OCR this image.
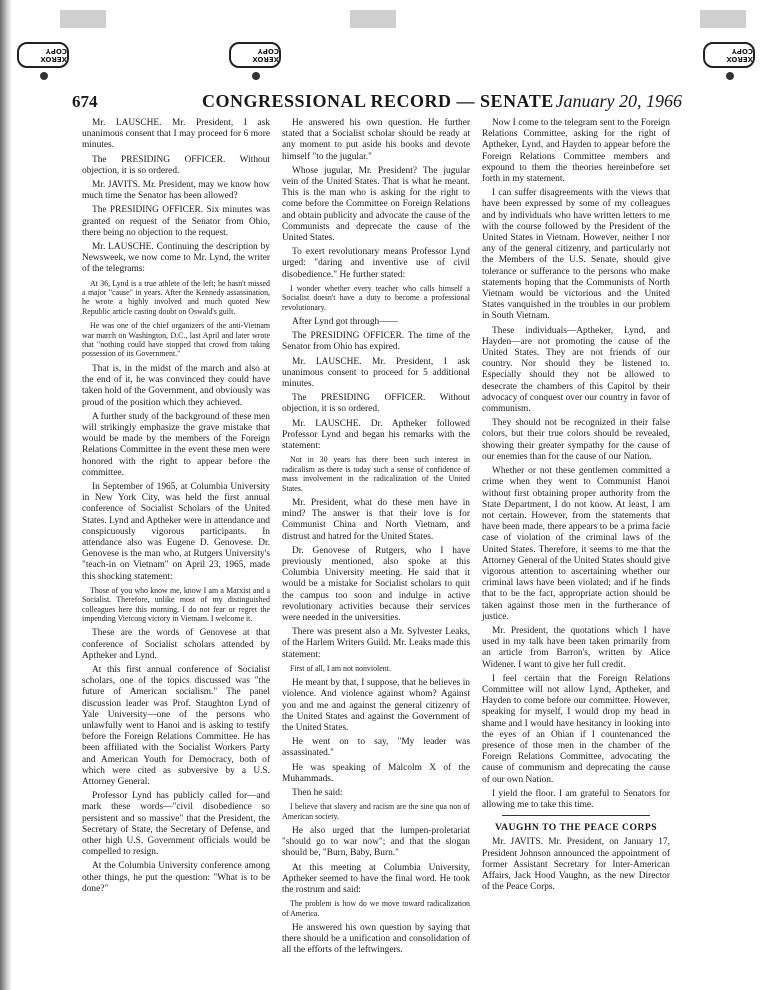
XEROX COPY
XEROX COPY
XEROX COPY
674	CONGRESSIONAL RECORD — SENATE January 20, 1966

Mr. LAUSCHE. Mr. President, I ask unanimous consent that I may proceed for 6 more minutes.

The PRESIDING OFFICER. Without objection, it is so ordered.

Mr. JAVITS. Mr. President, may we know how much time the Senator has been allowed?

The PRESIDING OFFICER. Six minutes was granted on request of the Senator from Ohio, there being no objection to the request.

Mr. LAUSCHE. Continuing the description by Newsweek, we now come to Mr. Lynd, the writer of the telegrams:

At 36, Lynd is a true athlete of the left; he hasn't missed a major "cause" in years. After the Kennedy assassination, he wrote a highly involved and much quoted New Republic article casting doubt on Oswald's guilt.

He was one of the chief organizers of the anti-Vietnam war march on Washington, D.C., last April and later wrote that "nothing could have stopped that crowd from taking possession of its Government."

That is, in the midst of the march and also at the end of it, he was convinced they could have taken hold of the Government, and obviously was proud of the position which they achieved.

A further study of the background of these men will strikingly emphasize the grave mistake that would be made by the members of the Foreign Relations Committee in the event these men were honored with the right to appear before the committee.

In September of 1965, at Columbia University in New York City, was held the first annual conference of Socialist Scholars of the United States. Lynd and Aptheker were in attendance and conspicuously vigorous participants. In attendance also was Eugene D. Genovese. Dr. Genovese is the man who, at Rutgers University's "teach-in on Vietnam" on April 23, 1965, made this shocking statement:

Those of you who know me, know I am a Marxist and a Socialist. Therefore, unlike most of my distinguished colleagues here this morning, I do not fear or regret the impending Vietcong victory in Vietnam. I welcome it.

These are the words of Genovese at that conference of Socialist scholars attended by Aptheker and Lynd.

At this first annual conference of Socialist scholars, one of the topics discussed was "the future of American socialism." The panel discussion leader was Prof. Staughton Lynd of Yale University—one of the persons who unlawfully went to Hanoi and is asking to testify before the Foreign Relations Committee. He has been affiliated with the Socialist Workers Party and American Youth for Democracy, both of which were cited as subversive by a U.S. Attorney General.

Professor Lynd has publicly called for—and mark these words—"civil disobedience so persistent and so massive" that the President, the Secretary of State, the Secretary of Defense, and other high U.S. Government officials would be compelled to resign.

At the Columbia University conference among other things, he put the question: "What is to be done?"

He answered his own question. He further stated that a Socialist scholar should be ready at any moment to put aside his books and devote himself "to the jugular."

Whose jugular, Mr. President? The jugular vein of the United States. That is what he meant. This is the man who is asking for the right to come before the Committee on Foreign Relations and obtain publicity and advocate the cause of the Communists and deprecate the cause of the United States.

To exert revolutionary means Professor Lynd urged: "daring and inventive use of civil disobedience." He further stated:

I wonder whether every teacher who calls himself a Socialist doesn't have a duty to become a professional revolutionary.

After Lynd got through——

The PRESIDING OFFICER. The time of the Senator from Ohio has expired.

Mr. LAUSCHE. Mr. President, I ask unanimous consent to proceed for 5 additional minutes.

The PRESIDING OFFICER. Without objection, it is so ordered.

Mr. LAUSCHE. Dr. Aptheker followed Professor Lynd and began his remarks with the statement:

Not in 30 years has there been such interest in radicalism as there is today such a sense of confidence of mass involvement in the radicalization of the United States.

Mr. President, what do these men have in mind? The answer is that their love is for Communist China and North Vietnam, and distrust and hatred for the United States.

Dr. Genovese of Rutgers, who I have previously mentioned, also spoke at this Columbia University meeting. He said that it would be a mistake for Socialist scholars to quit the campus too soon and indulge in active revolutionary activities because their services were needed in the universities.

There was present also a Mr. Sylvester Leaks, of the Harlem Writers Guild. Mr. Leaks made this statement:

First of all, I am not nonviolent.

He meant by that, I suppose, that he believes in violence. And violence against whom? Against you and me and against the general citizenry of the United States and against the Government of the United States.

He went on to say, "My leader was assassinated."

He was speaking of Malcolm X of the Muhammads.

Then he said:

I believe that slavery and racism are the sine qua non of American society.

He also urged that the lumpen-proletariat "should go to war now"; and that the slogan should be, "Burn, Baby, Burn."

At this meeting at Columbia University, Aptheker seemed to have the final word. He took the rostrum and said:

The problem is how do we move toward radicalization of America.

He answered his own question by saying that there should be a unification and consolidation of all the efforts of the leftwingers.

Now I come to the telegram sent to the Foreign Relations Committee, asking for the right of Aptheker, Lynd, and Hayden to appear before the Foreign Relations Committee members and expound to them the theories hereinbefore set forth in my statement.

I can suffer disagreements with the views that have been expressed by some of my colleagues and by individuals who have written letters to me with the course followed by the President of the United States in Vietnam. However, neither I nor any of the general citizenry, and particularly not the Members of the U.S. Senate, should give tolerance or sufferance to the persons who make statements hoping that the Communists of North Vietnam would be victorious and the United States vanquished in the troubles in our problem in South Vietnam.

These individuals—Aptheker, Lynd, and Hayden—are not promoting the cause of the United States. They are not friends of our country. Nor should they be listened to. Especially should they not be allowed to desecrate the chambers of this Capitol by their advocacy of conquest over our country in favor of communism.

They should not be recognized in their false colors, but their true colors should be revealed, showing their greater sympathy for the cause of our enemies than for the cause of our Nation.

Whether or not these gentlemen committed a crime when they went to Communist Hanoi without first obtaining proper authority from the State Department, I do not know. At least, I am not certain. However, from the statements that have been made, there appears to be a prima facie case of violation of the criminal laws of the United States. Therefore, it seems to me that the Attorney General of the United States should give vigorous attention to ascertaining whether our criminal laws have been violated; and if he finds that to be the fact, appropriate action should be taken against those men in the furtherance of justice.

Mr. President, the quotations which I have used in my talk have been taken primarily from an article from Barron's, written by Alice Widener. I want to give her full credit.

I feel certain that the Foreign Relations Committee will not allow Lynd, Aptheker, and Hayden to come before our committee. However, speaking for myself, I would drop my head in shame and I would have hesitancy in looking into the eyes of an Ohian if I countenanced the presence of those men in the chamber of the Foreign Relations Committee, advocating the cause of communism and deprecating the cause of our own Nation.

I yield the floor. I am grateful to Senators for allowing me to take this time.

VAUGHN TO THE PEACE CORPS

Mr. JAVITS. Mr. President, on January 17, President Johnson announced the appointment of former Assistant Secretary for Inter-American Affairs, Jack Hood Vaughn, as the new Director of the Peace Corps.
